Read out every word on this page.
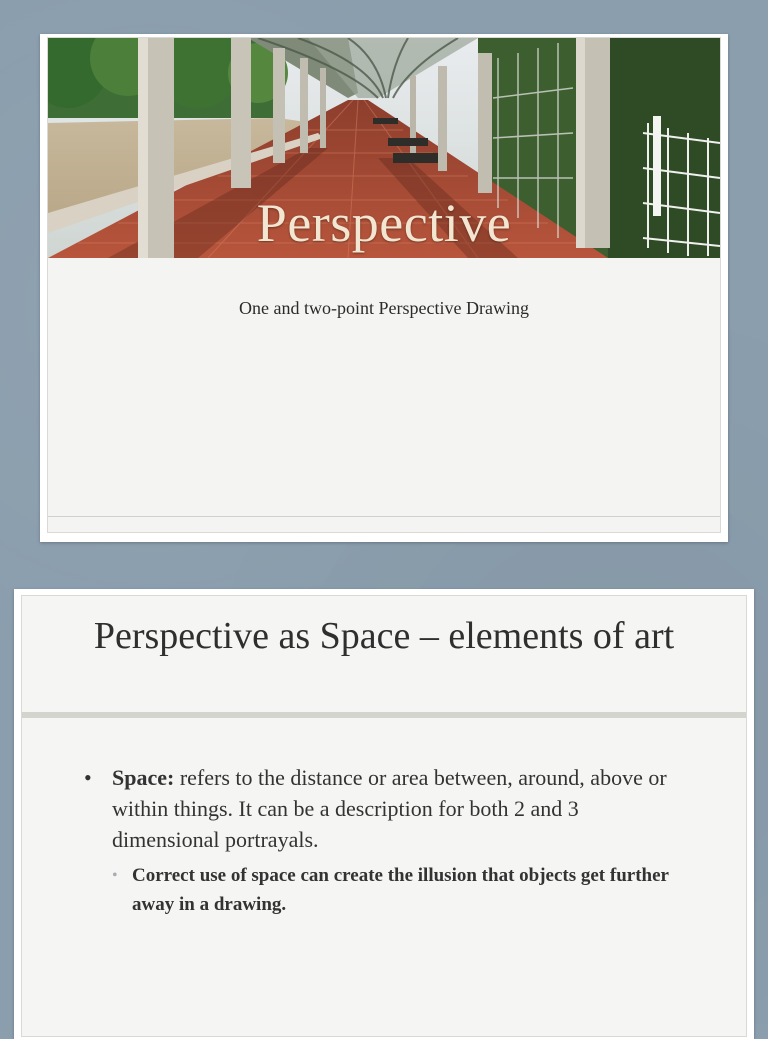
Perspective
One and two-point Perspective Drawing
Perspective as Space – elements of art
• Space: refers to the distance or area between, around, above or within things. It can be a description for both 2 and 3 dimensional portrayals.
• Correct use of space can create the illusion that objects get further away in a drawing.
